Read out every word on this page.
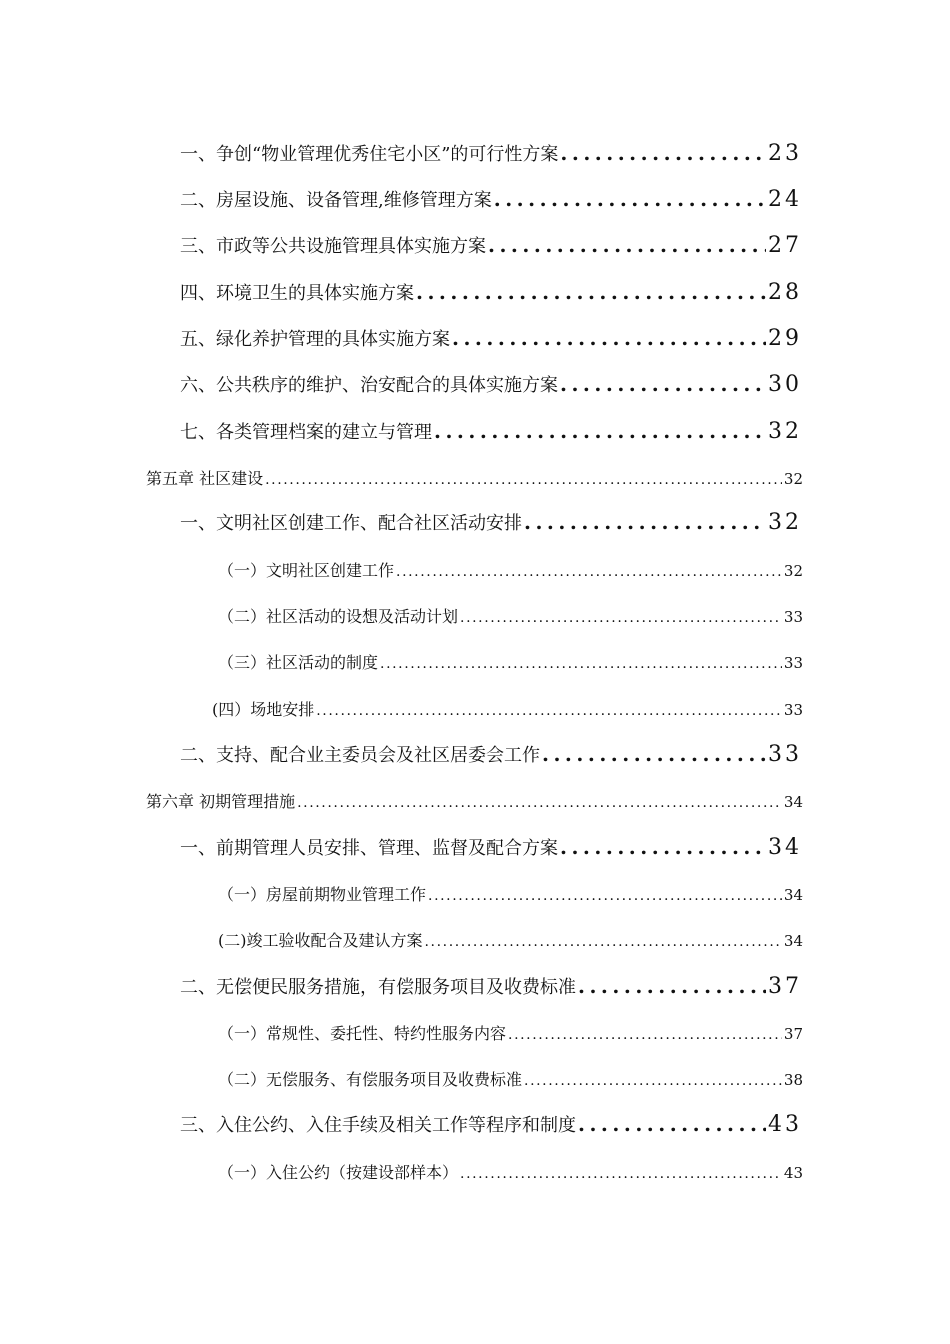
一、争创“物业管理优秀住宅小区”的可行性方案 .....	23
二、房屋设施、设备管理,维修管理方案 .....	24
三、市政等公共设施管理具体实施方案 .....	27
四、环境卫生的具体实施方案 .....	28
五、绿化养护管理的具体实施方案 .....	29
六、公共秩序的维护、治安配合的具体实施方案 .....	30
七、各类管理档案的建立与管理 .....	32
第五章 社区建设 .....	32
一、文明社区创建工作、配合社区活动安排 .....	32
（一）文明社区创建工作 .....	32
（二）社区活动的设想及活动计划 .....	33
（三）社区活动的制度 .....	33
(四）场地安排 .....	33
二、支持、配合业主委员会及社区居委会工作 .....	33
第六章 初期管理措施 .....	34
一、前期管理人员安排、管理、监督及配合方案 .....	34
（一）房屋前期物业管理工作 .....	34
(二)竣工验收配合及建认方案 .....	34
二、无偿便民服务措施，有偿服务项目及收费标准 .....	37
（一）常规性、委托性、特约性服务内容 .....	37
（二）无偿服务、有偿服务项目及收费标准 .....	38
三、入住公约、入住手续及相关工作等程序和制度 .....	43
（一）入住公约（按建设部样本） .....	43
